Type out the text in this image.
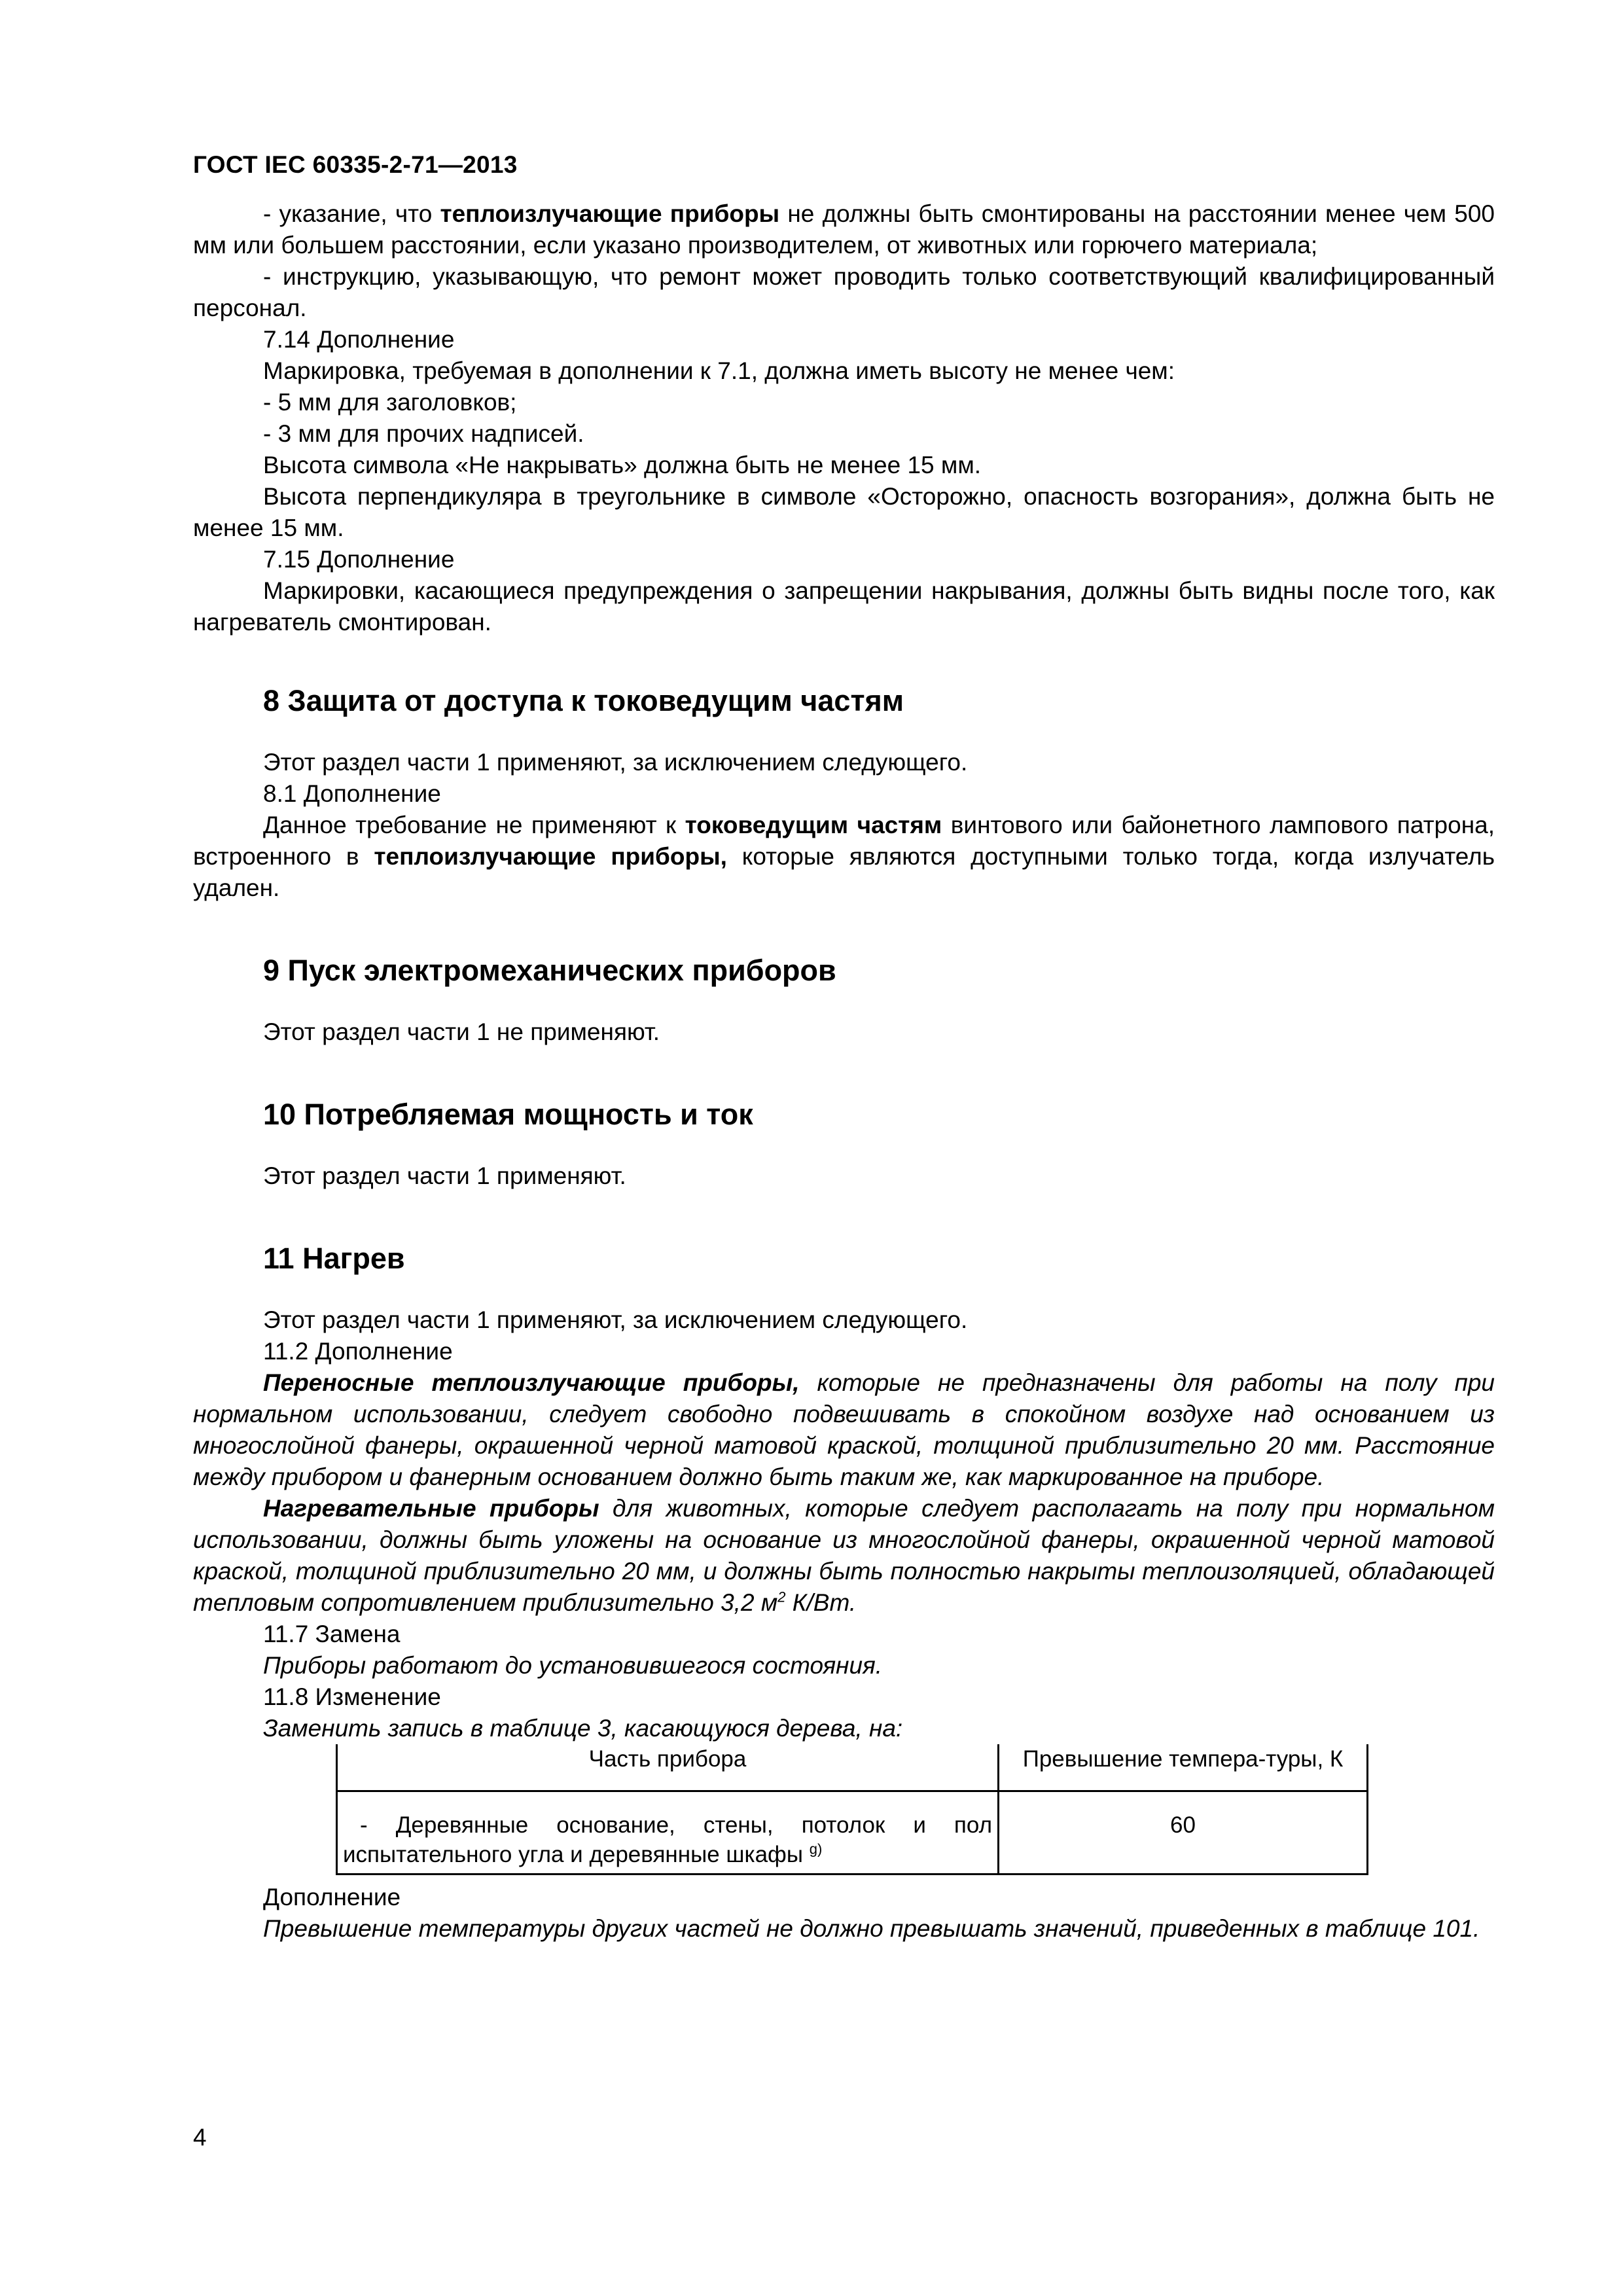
ГОСТ IEC 60335-2-71—2013

- указание, что теплоизлучающие приборы не должны быть смонтированы на расстоянии менее чем 500 мм или большем расстоянии, если указано производителем, от животных или горючего материала;

- инструкцию, указывающую, что ремонт может проводить только соответствующий квалифицированный персонал.

7.14 Дополнение

Маркировка, требуемая в дополнении к 7.1, должна иметь высоту не менее чем:

- 5 мм для заголовков;

- 3 мм для прочих надписей.

Высота символа «Не накрывать» должна быть не менее 15 мм.

Высота перпендикуляра в треугольнике в символе «Осторожно, опасность возгорания», должна быть не менее 15 мм.

7.15 Дополнение

Маркировки, касающиеся предупреждения о запрещении накрывания, должны быть видны после того, как нагреватель смонтирован.

8 Защита от доступа к токоведущим частям

Этот раздел части 1 применяют, за исключением следующего.

8.1 Дополнение

Данное требование не применяют к токоведущим частям винтового или байонетного лампового патрона, встроенного в теплоизлучающие приборы, которые являются доступными только тогда, когда излучатель удален.

9 Пуск электромеханических приборов

Этот раздел части 1 не применяют.

10 Потребляемая мощность и ток

Этот раздел части 1 применяют.

11 Нагрев

Этот раздел части 1 применяют, за исключением следующего.

11.2 Дополнение

Переносные теплоизлучающие приборы, которые не предназначены для работы на полу при нормальном использовании, следует свободно подвешивать в спокойном воздухе над основанием из многослойной фанеры, окрашенной черной матовой краской, толщиной приблизительно 20 мм. Расстояние между прибором и фанерным основанием должно быть таким же, как маркированное на приборе.

Нагревательные приборы для животных, которые следует располагать на полу при нормальном использовании, должны быть уложены на основание из многослойной фанеры, окрашенной черной матовой краской, толщиной приблизительно 20 мм, и должны быть полностью накрыты теплоизоляцией, обладающей тепловым сопротивлением приблизительно 3,2 $м^2$ К/Вт.

11.7 Замена

Приборы работают до установившегося состояния.

11.8 Изменение

Заменить запись в таблице 3, касающуюся дерева, на:

Часть прибора	Превышение темпера-туры, К
- Деревянные основание, стены, потолок и пол испытательного угла и деревянные шкафы $^{g)}$	60

Дополнение

Превышение температуры других частей не должно превышать значений, приведенных в таблице 101.

4
